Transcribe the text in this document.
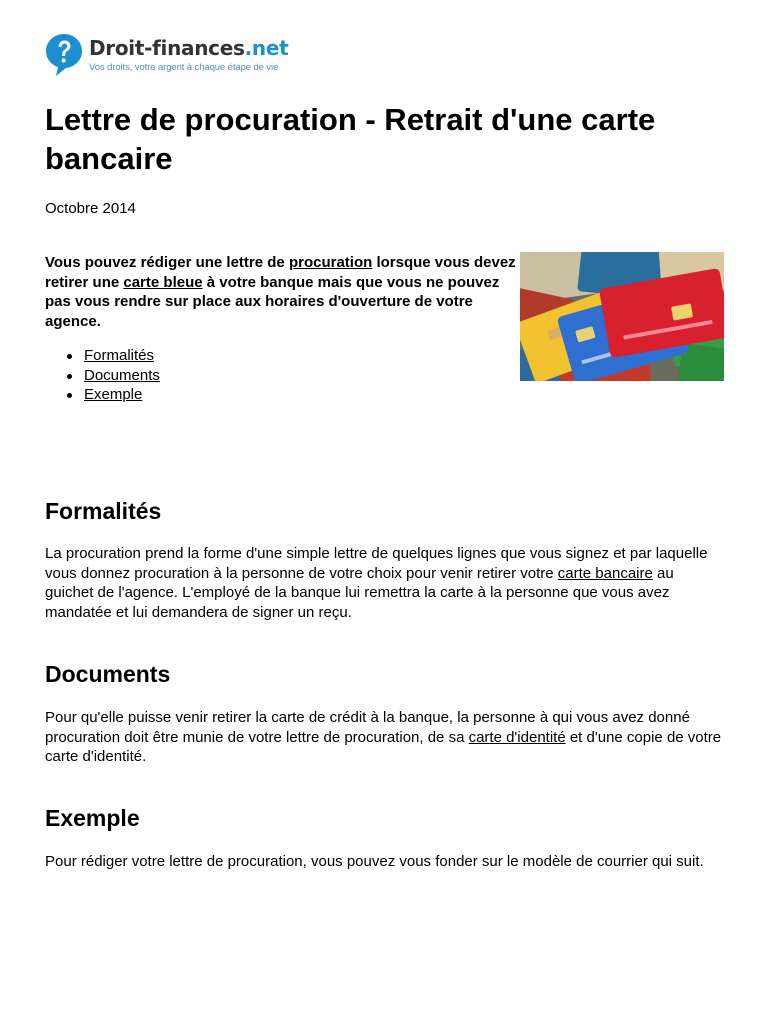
Droit-finances.net
Vos droits, votre argent à chaque étape de vie
Lettre de procuration - Retrait d'une carte bancaire
Octobre 2014

Vous pouvez rédiger une lettre de procuration lorsque vous devez retirer une carte bleue à votre banque mais que vous ne pouvez pas vous rendre sur place aux horaires d'ouverture de votre agence.

Formalités
Documents
Exemple
Formalités

La procuration prend la forme d'une simple lettre de quelques lignes que vous signez et par laquelle vous donnez procuration à la personne de votre choix pour venir retirer votre carte bancaire au guichet de l'agence. L'employé de la banque lui remettra la carte à la personne que vous avez mandatée et lui demandera de signer un reçu.

Documents

Pour qu'elle puisse venir retirer la carte de crédit à la banque, la personne à qui vous avez donné procuration doit être munie de votre lettre de procuration, de sa carte d'identité et d'une copie de votre carte d'identité.

Exemple

Pour rédiger votre lettre de procuration, vous pouvez vous fonder sur le modèle de courrier qui suit.
